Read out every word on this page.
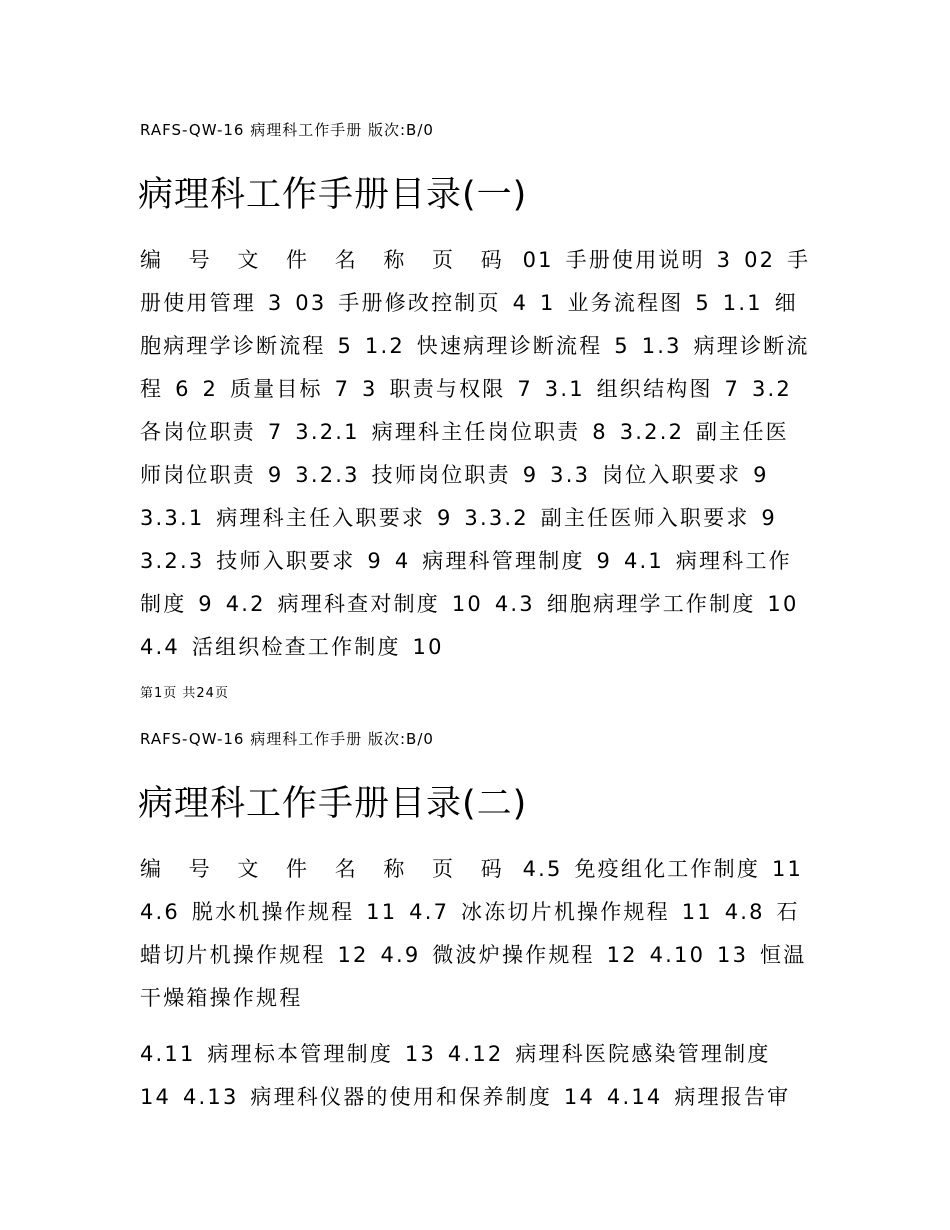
RAFS-QW-16 病理科工作手册 版次:B/0
病理科工作手册目录(一)
编 号 文 件 名 称 页 码 01 手册使用说明 3 02 手册使用管理 3 03 手册修改控制页 4 1 业务流程图 5 1.1 细胞病理学诊断流程 5 1.2 快速病理诊断流程 5 1.3 病理诊断流程 6 2 质量目标 7 3 职责与权限 7 3.1 组织结构图 7 3.2 各岗位职责 7 3.2.1 病理科主任岗位职责 8 3.2.2 副主任医师岗位职责 9 3.2.3 技师岗位职责 9 3.3 岗位入职要求 9 3.3.1 病理科主任入职要求 9 3.3.2 副主任医师入职要求 9 3.2.3 技师入职要求 9 4 病理科管理制度 9 4.1 病理科工作制度 9 4.2 病理科查对制度 10 4.3 细胞病理学工作制度 10 4.4 活组织检查工作制度 10
第1页 共24页
RAFS-QW-16 病理科工作手册 版次:B/0
病理科工作手册目录(二)
编 号 文 件 名 称 页 码 4.5 免疫组化工作制度 11 4.6 脱水机操作规程 11 4.7 冰冻切片机操作规程 11 4.8 石蜡切片机操作规程 12 4.9 微波炉操作规程 12 4.10 13 恒温干燥箱操作规程
4.11 病理标本管理制度 13 4.12 病理科医院感染管理制度 14 4.13 病理科仪器的使用和保养制度 14 4.14 病理报告审
